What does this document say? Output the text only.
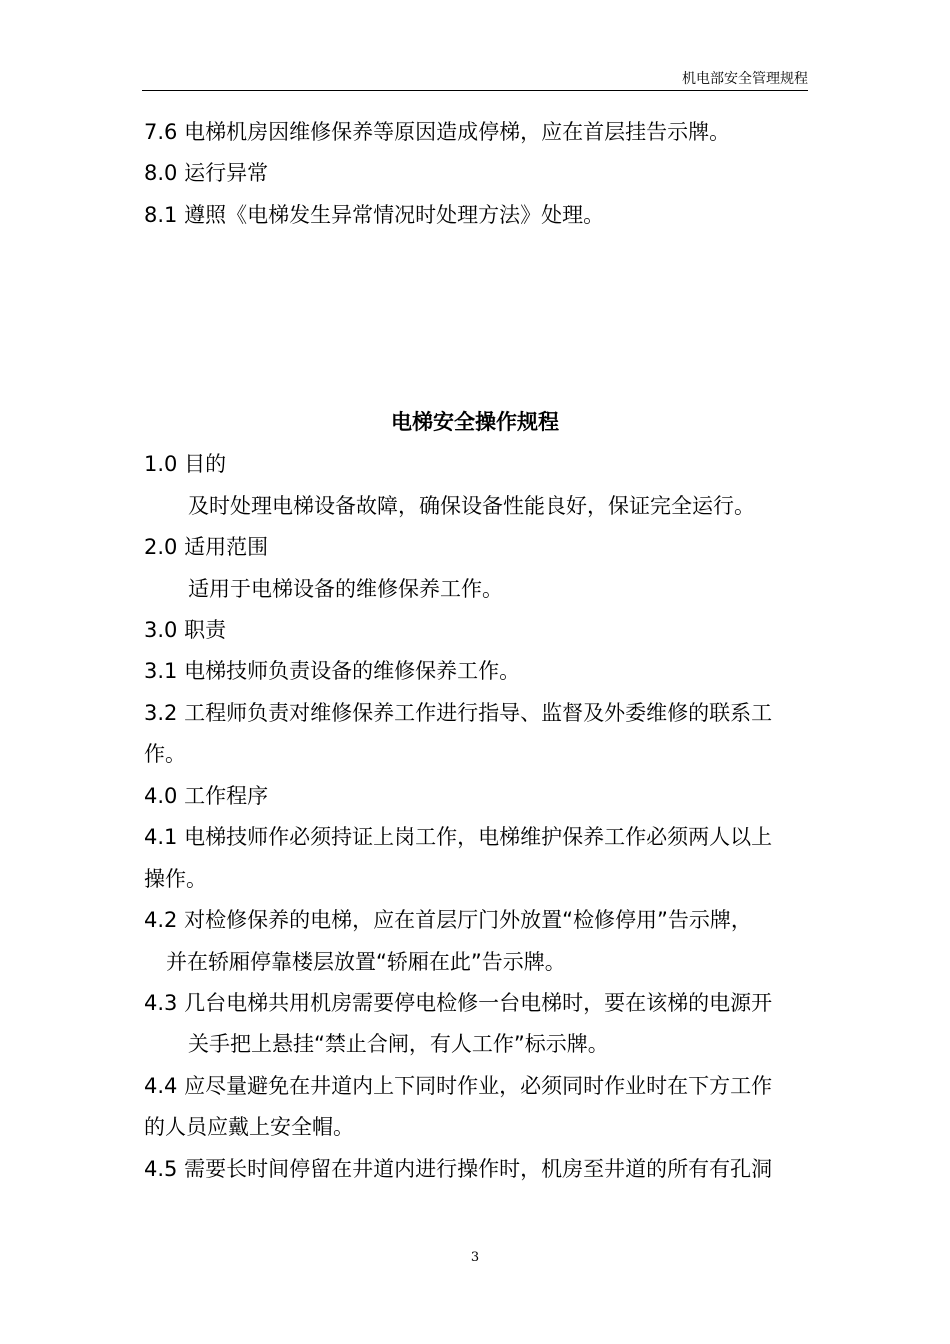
机电部安全管理规程
7.6 电梯机房因维修保养等原因造成停梯，应在首层挂告示牌。
8.0 运行异常
8.1 遵照《电梯发生异常情况时处理方法》处理。
电梯安全操作规程
1.0 目的
及时处理电梯设备故障，确保设备性能良好，保证完全运行。
2.0 适用范围
适用于电梯设备的维修保养工作。
3.0 职责
3.1 电梯技师负责设备的维修保养工作。
3.2 工程师负责对维修保养工作进行指导、监督及外委维修的联系工
作。
4.0 工作程序
4.1 电梯技师作必须持证上岗工作，电梯维护保养工作必须两人以上
操作。
4.2 对检修保养的电梯，应在首层厅门外放置“检修停用”告示牌，
并在轿厢停靠楼层放置“轿厢在此”告示牌。
4.3 几台电梯共用机房需要停电检修一台电梯时，要在该梯的电源开
关手把上悬挂“禁止合闸，有人工作”标示牌。
4.4 应尽量避免在井道内上下同时作业，必须同时作业时在下方工作
的人员应戴上安全帽。
4.5 需要长时间停留在井道内进行操作时，机房至井道的所有有孔洞
3
